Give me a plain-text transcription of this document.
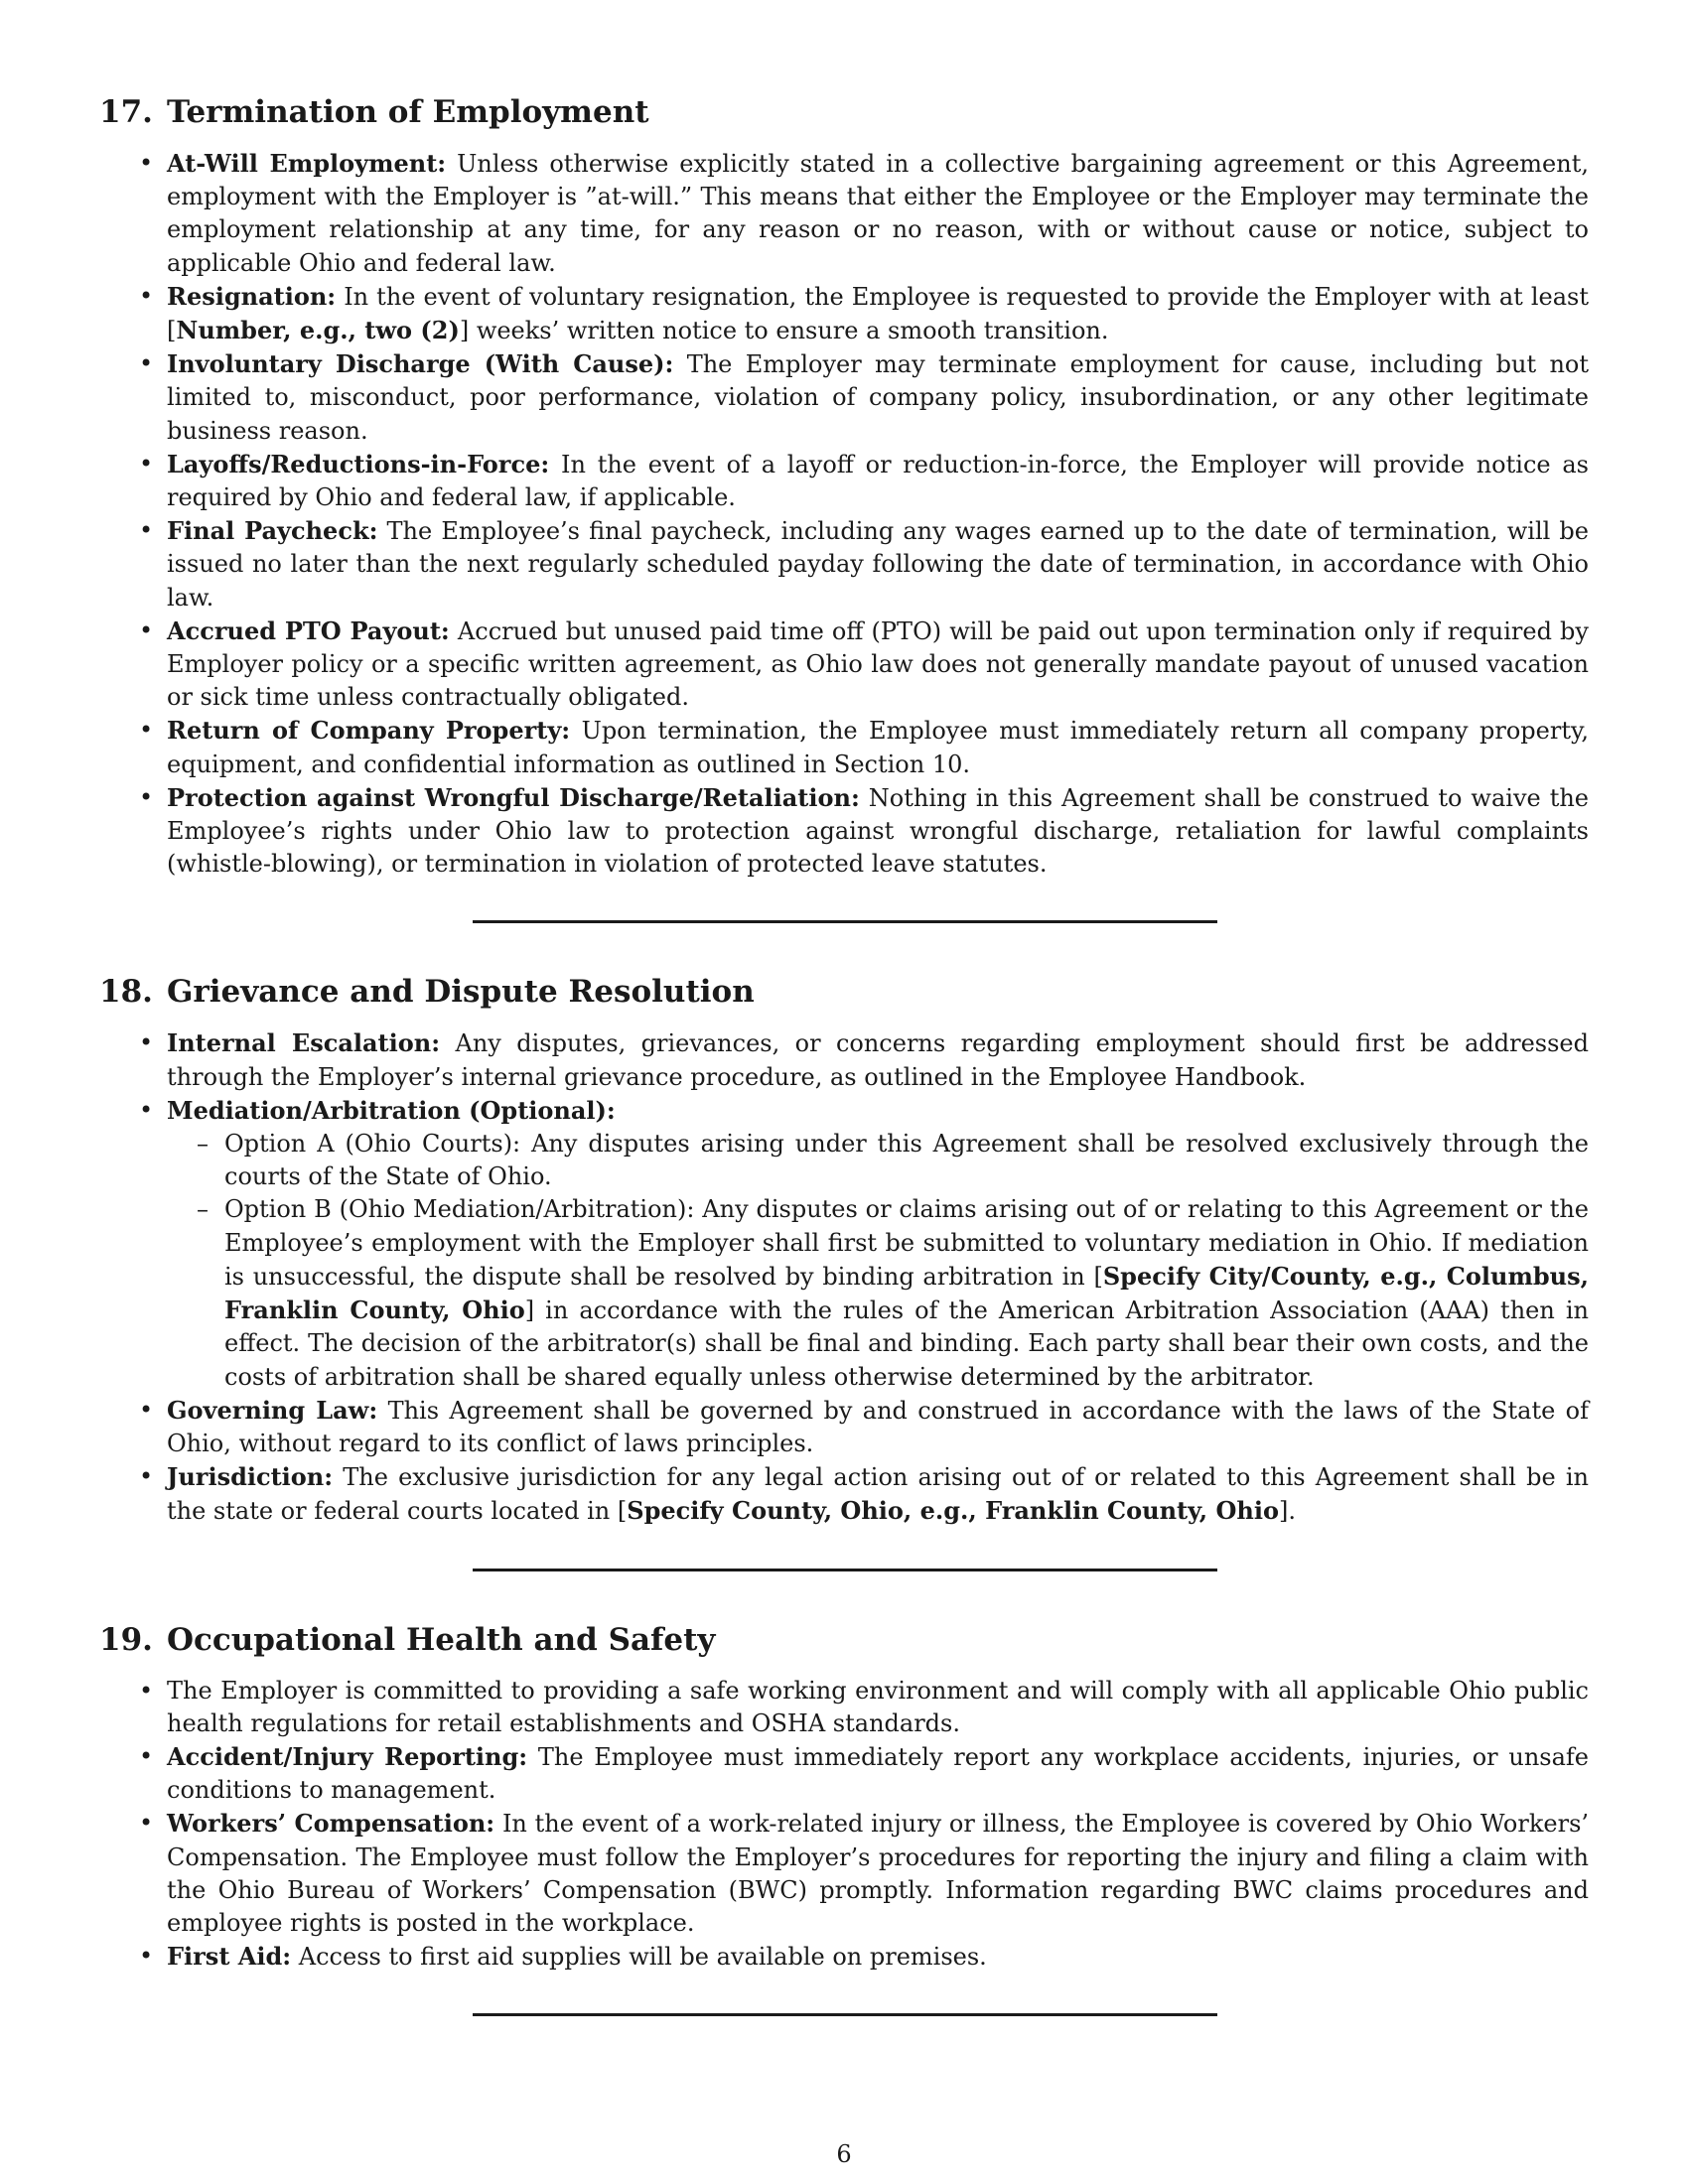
17. Termination of Employment
• At-Will Employment: Unless otherwise explicitly stated in a collective bargaining agreement or this Agreement, employment with the Employer is ”at-will.” This means that either the Employee or the Employer may terminate the employment relationship at any time, for any reason or no reason, with or without cause or notice, subject to applicable Ohio and federal law.
• Resignation: In the event of voluntary resignation, the Employee is requested to provide the Employer with at least [Number, e.g., two (2)] weeks’ written notice to ensure a smooth transition.
• Involuntary Discharge (With Cause): The Employer may terminate employment for cause, including but not limited to, misconduct, poor performance, violation of company policy, insubordination, or any other legitimate business reason.
• Layoffs/Reductions-in-Force: In the event of a layoff or reduction-in-force, the Employer will provide notice as required by Ohio and federal law, if applicable.
• Final Paycheck: The Employee’s final paycheck, including any wages earned up to the date of termination, will be issued no later than the next regularly scheduled payday following the date of termination, in accordance with Ohio law.
• Accrued PTO Payout: Accrued but unused paid time off (PTO) will be paid out upon termination only if required by Employer policy or a specific written agreement, as Ohio law does not generally mandate payout of unused vacation or sick time unless contractually obligated.
• Return of Company Property: Upon termination, the Employee must immediately return all company property, equipment, and confidential information as outlined in Section 10.
• Protection against Wrongful Discharge/Retaliation: Nothing in this Agreement shall be construed to waive the Employee’s rights under Ohio law to protection against wrongful discharge, retaliation for lawful complaints (whistle-blowing), or termination in violation of protected leave statutes.
18. Grievance and Dispute Resolution
• Internal Escalation: Any disputes, grievances, or concerns regarding employment should first be addressed through the Employer’s internal grievance procedure, as outlined in the Employee Handbook.
• Mediation/Arbitration (Optional):
– Option A (Ohio Courts): Any disputes arising under this Agreement shall be resolved exclusively through the courts of the State of Ohio.
– Option B (Ohio Mediation/Arbitration): Any disputes or claims arising out of or relating to this Agreement or the Employee’s employment with the Employer shall first be submitted to voluntary mediation in Ohio. If mediation is unsuccessful, the dispute shall be resolved by binding arbitration in [Specify City/County, e.g., Columbus, Franklin County, Ohio] in accordance with the rules of the American Arbitration Association (AAA) then in effect. The decision of the arbitrator(s) shall be final and binding. Each party shall bear their own costs, and the costs of arbitration shall be shared equally unless otherwise determined by the arbitrator.
• Governing Law: This Agreement shall be governed by and construed in accordance with the laws of the State of Ohio, without regard to its conflict of laws principles.
• Jurisdiction: The exclusive jurisdiction for any legal action arising out of or related to this Agreement shall be in the state or federal courts located in [Specify County, Ohio, e.g., Franklin County, Ohio].
19. Occupational Health and Safety
• The Employer is committed to providing a safe working environment and will comply with all applicable Ohio public health regulations for retail establishments and OSHA standards.
• Accident/Injury Reporting: The Employee must immediately report any workplace accidents, injuries, or unsafe conditions to management.
• Workers’ Compensation: In the event of a work-related injury or illness, the Employee is covered by Ohio Workers’ Compensation. The Employee must follow the Employer’s procedures for reporting the injury and filing a claim with the Ohio Bureau of Workers’ Compensation (BWC) promptly. Information regarding BWC claims procedures and employee rights is posted in the workplace.
• First Aid: Access to first aid supplies will be available on premises.
6
